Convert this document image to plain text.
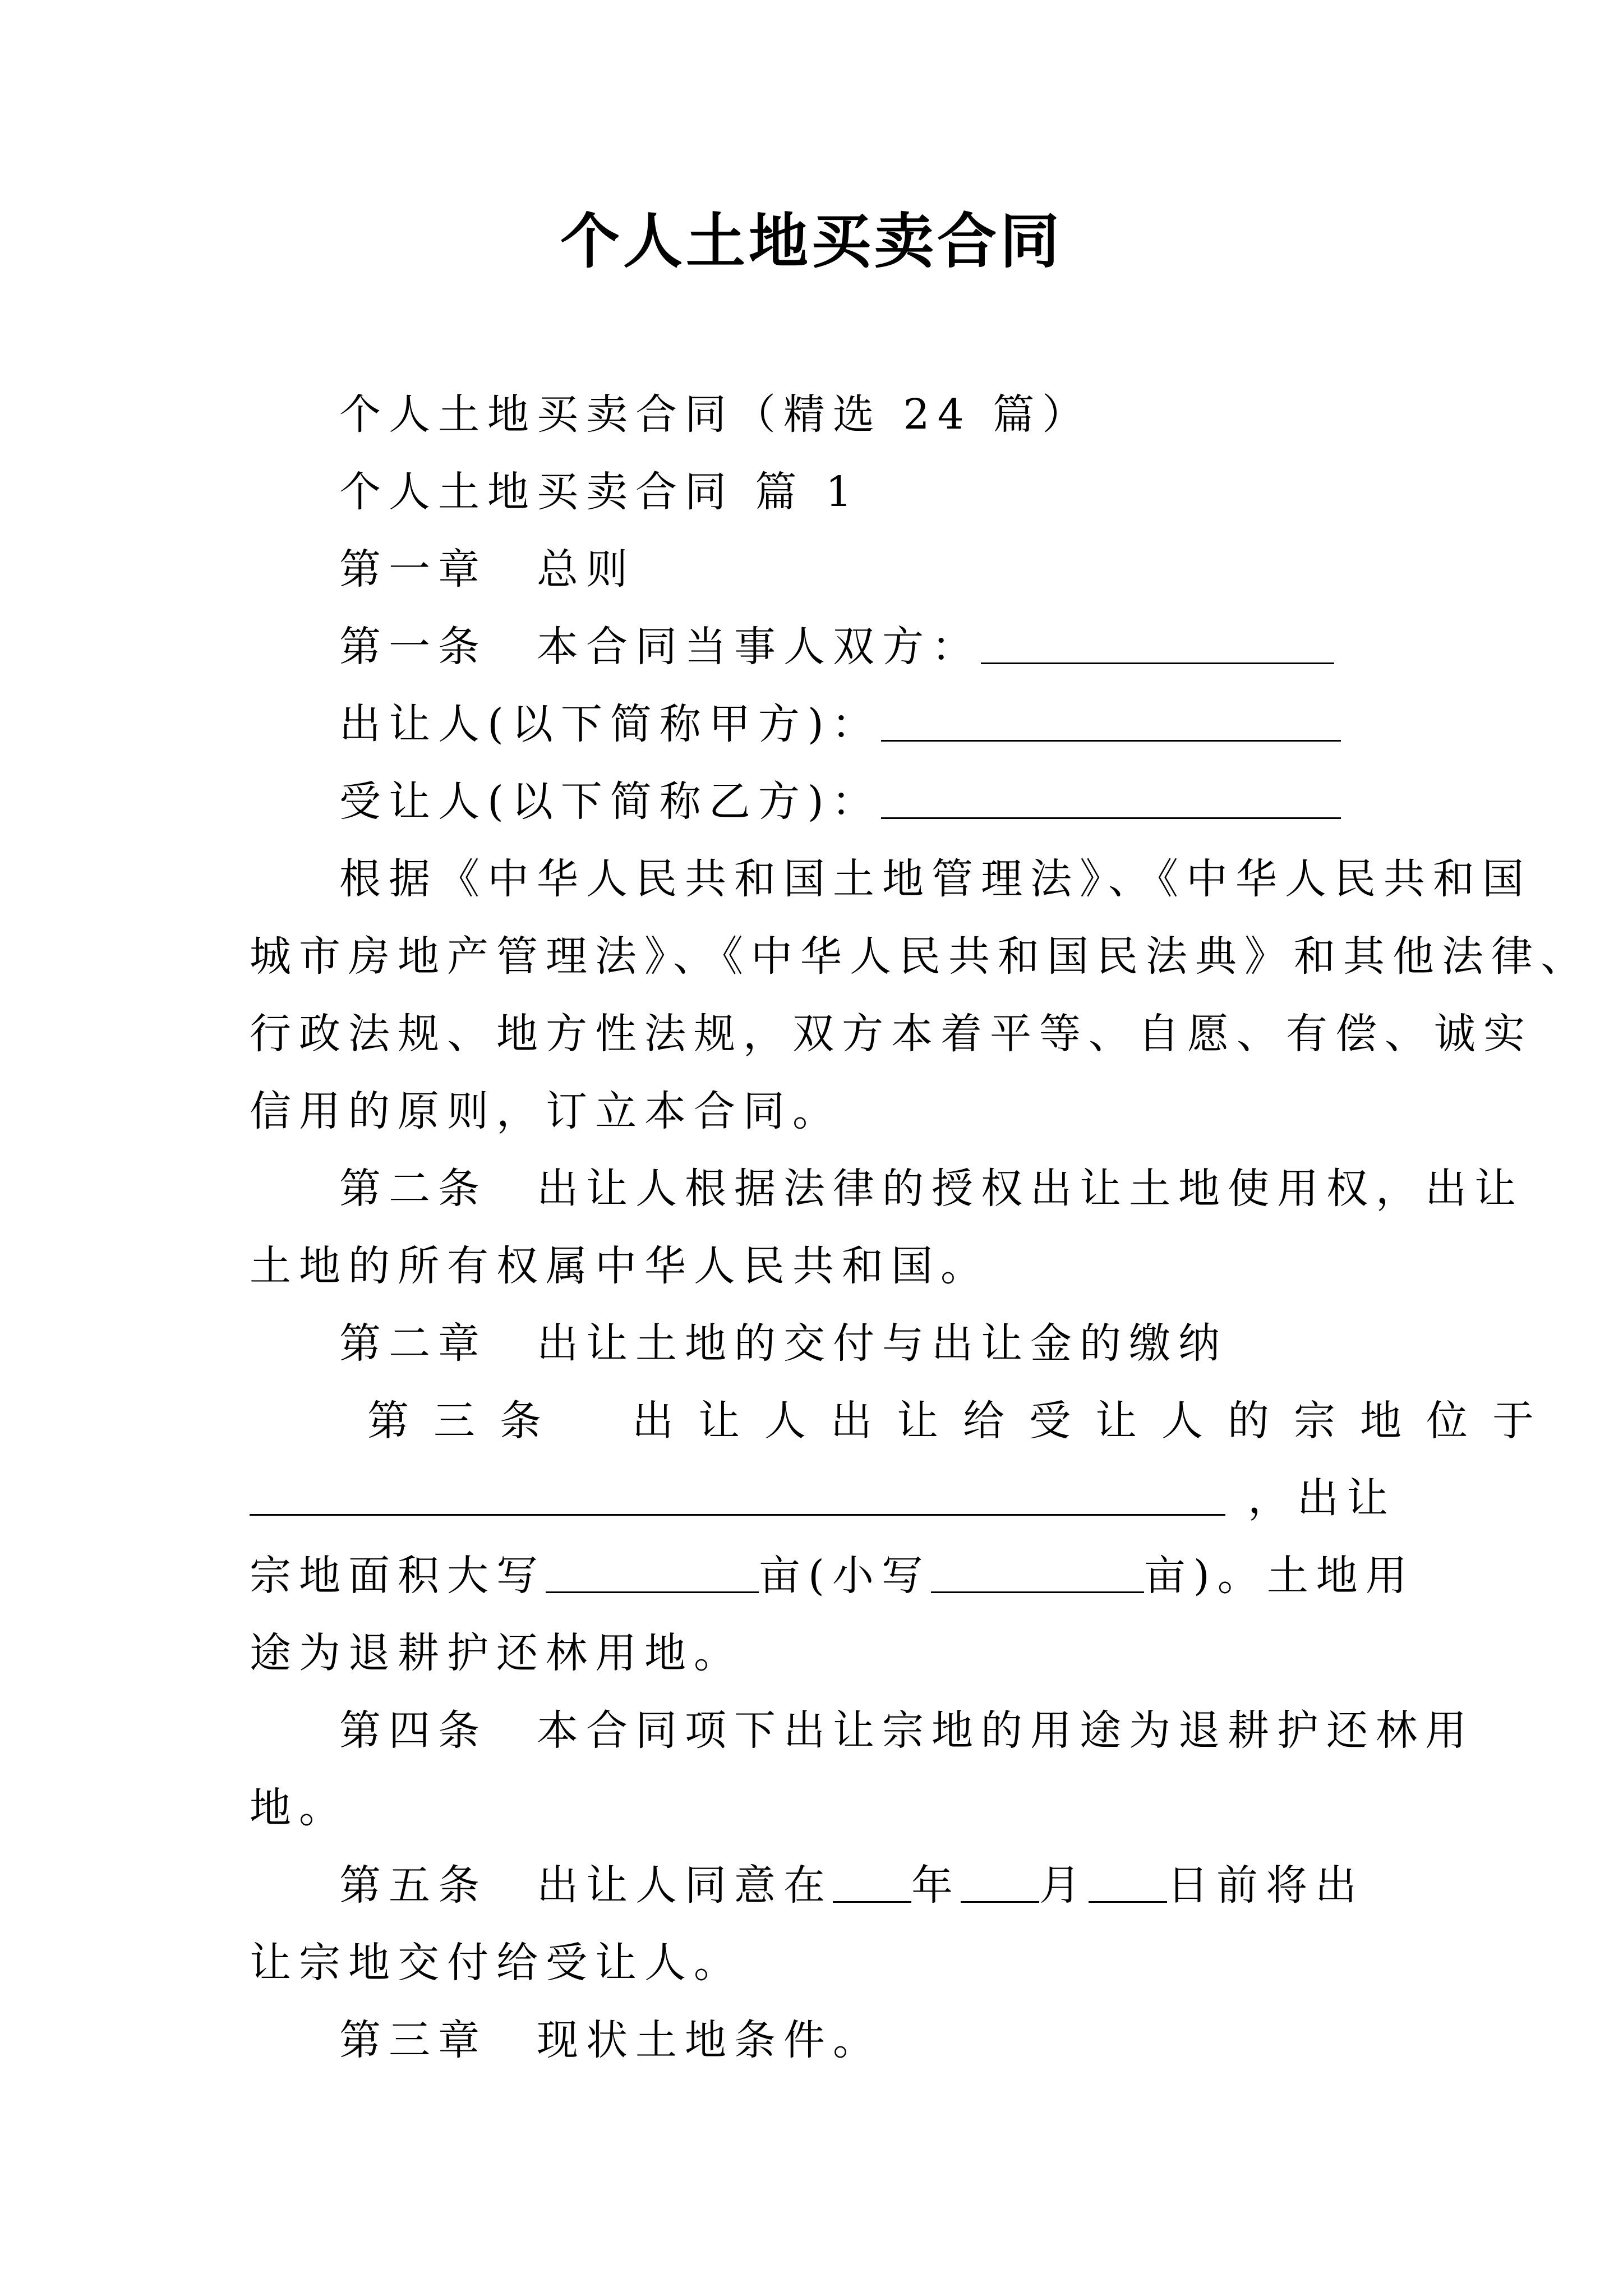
个人土地买卖合同
个人土地买卖合同（精选 24 篇）
个人土地买卖合同 篇 1
第一章　总则
第一条　本合同当事人双方：
出让人(以下简称甲方)：
受让人(以下简称乙方)：
根据《中华人民共和国土地管理法》、《中华人民共和国
城市房地产管理法》、《中华人民共和国民法典》和其他法律、
行政法规、地方性法规，双方本着平等、自愿、有偿、诚实
信用的原则，订立本合同。
第二条　出让人根据法律的授权出让土地使用权，出让
土地的所有权属中华人民共和国。
第二章　出让土地的交付与出让金的缴纳
第三条　出让人出让给受让人的宗地位于
，出让
宗地面积大写	亩(小写	亩)。土地用
途为退耕护还林用地。
第四条　本合同项下出让宗地的用途为退耕护还林用
地。
第五条　出让人同意在 年 月 日前将出
让宗地交付给受让人。
第三章　现状土地条件。
